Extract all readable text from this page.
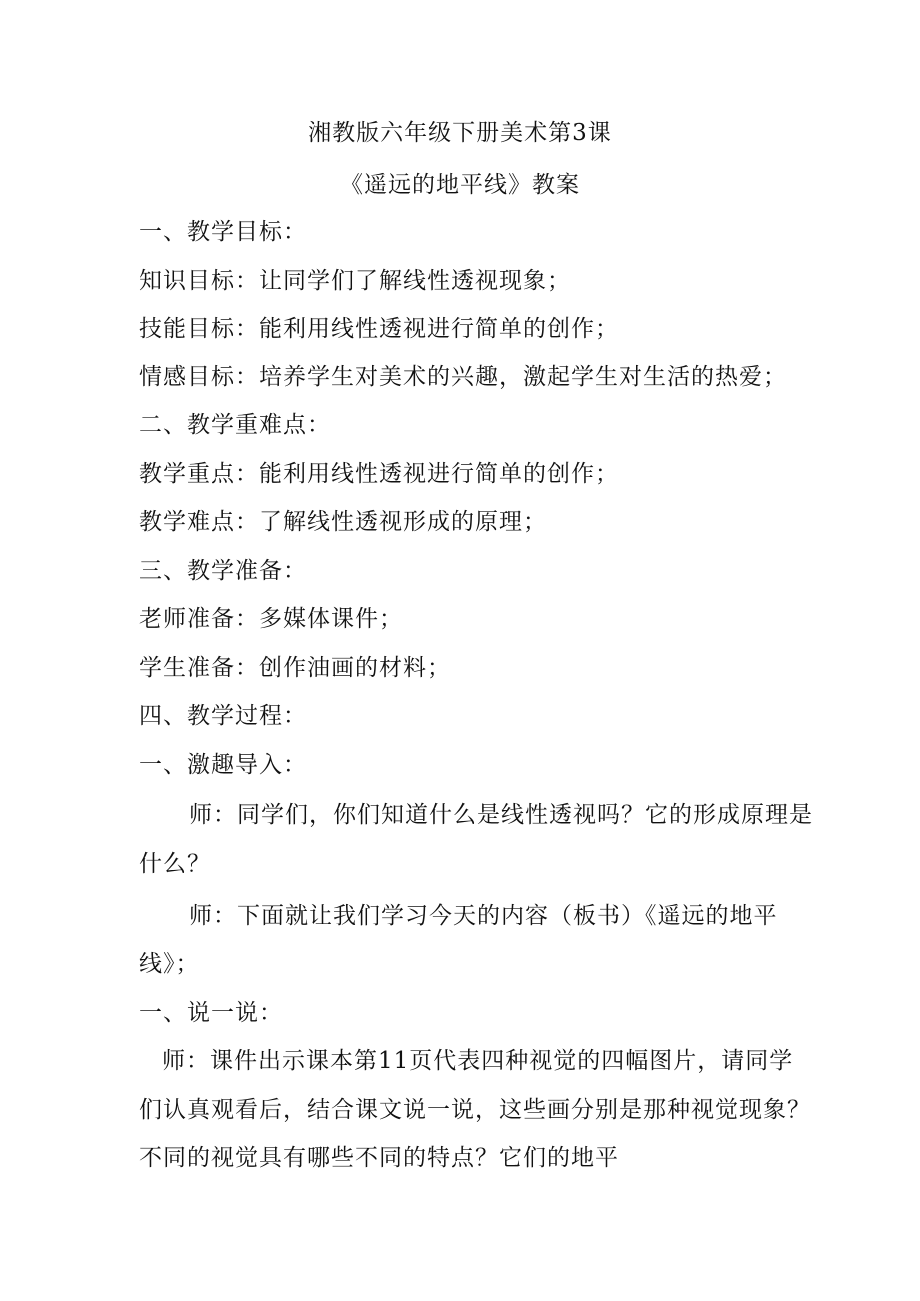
湘教版六年级下册美术第3课
《遥远的地平线》教案
一、教学目标：
知识目标：让同学们了解线性透视现象；
技能目标：能利用线性透视进行简单的创作；
情感目标：培养学生对美术的兴趣，激起学生对生活的热爱；
二、教学重难点：
教学重点：能利用线性透视进行简单的创作；
教学难点：了解线性透视形成的原理；
三、教学准备：
老师准备：多媒体课件；
学生准备：创作油画的材料；
四、教学过程：
一、激趣导入：
师：同学们，你们知道什么是线性透视吗？它的形成原理是
什么？
师：下面就让我们学习今天的内容（板书）《遥远的地平
线》；
一、说一说：
师：课件出示课本第11页代表四种视觉的四幅图片，请同学
们认真观看后，结合课文说一说，这些画分别是那种视觉现象？
不同的视觉具有哪些不同的特点？它们的地平
